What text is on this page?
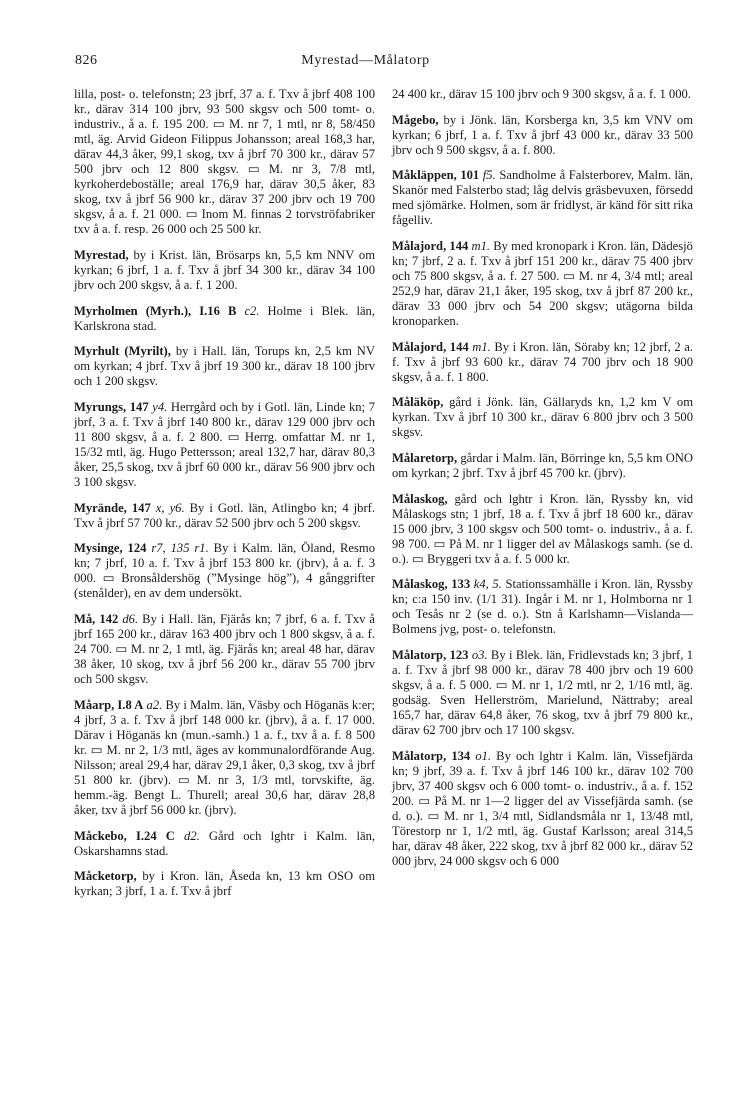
826	Myrestad—Målatorp

lilla, post- o. telefonstn; 23 jbrf, 37 a. f. Txv å jbrf 408 100 kr., därav 314 100 jbrv, 93 500 skgsv och 500 tomt- o. industriv., å a. f. 195 200. ▭ M. nr 7, 1 mtl, nr 8, 58/450 mtl, äg. Arvid Gideon Filippus Johansson; areal 168,3 har, därav 44,3 åker, 99,1 skog, txv å jbrf 70 300 kr., därav 57 500 jbrv och 12 800 skgsv. ▭ M. nr 3, 7/8 mtl, kyrkoherdeboställe; areal 176,9 har, därav 30,5 åker, 83 skog, txv å jbrf 56 900 kr., därav 37 200 jbrv och 19 700 skgsv, å a. f. 21 000. ▭ Inom M. finnas 2 torvströfabriker txv å a. f. resp. 26 000 och 25 500 kr.

Myrestad, by i Krist. län, Brösarps kn, 5,5 km NNV om kyrkan; 6 jbrf, 1 a. f. Txv å jbrf 34 300 kr., därav 34 100 jbrv och 200 skgsv, å a. f. 1 200.

Myrholmen (Myrh.), I.16 B c2. Holme i Blek. län, Karlskrona stad.

Myrhult (Myrilt), by i Hall. län, Torups kn, 2,5 km NV om kyrkan; 4 jbrf. Txv å jbrf 19 300 kr., därav 18 100 jbrv och 1 200 skgsv.

Myrungs, 147 y4. Herrgård och by i Gotl. län, Linde kn; 7 jbrf, 3 a. f. Txv å jbrf 140 800 kr., därav 129 000 jbrv och 11 800 skgsv, å a. f. 2 800. ▭ Herrg. omfattar M. nr 1, 15/32 mtl, äg. Hugo Pettersson; areal 132,7 har, därav 80,3 åker, 25,5 skog, txv å jbrf 60 000 kr., därav 56 900 jbrv och 3 100 skgsv.

Myrände, 147 x, y6. By i Gotl. län, Atlingbo kn; 4 jbrf. Txv å jbrf 57 700 kr., därav 52 500 jbrv och 5 200 skgsv.

Mysinge, 124 r7, 135 r1. By i Kalm. län, Öland, Resmo kn; 7 jbrf, 10 a. f. Txv å jbrf 153 800 kr. (jbrv), å a. f. 3 000. ▭ Bronsåldershög (”Mysinge hög”), 4 gånggrifter (stenålder), en av dem undersökt.

Må, 142 d6. By i Hall. län, Fjärås kn; 7 jbrf, 6 a. f. Txv å jbrf 165 200 kr., därav 163 400 jbrv och 1 800 skgsv, å a. f. 24 700. ▭ M. nr 2, 1 mtl, äg. Fjärås kn; areal 48 har, därav 38 åker, 10 skog, txv å jbrf 56 200 kr., därav 55 700 jbrv och 500 skgsv.

Måarp, I.8 A a2. By i Malm. län, Väsby och Höganäs k:er; 4 jbrf, 3 a. f. Txv å jbrf 148 000 kr. (jbrv), å a. f. 17 000. Därav i Höganäs kn (mun.-samh.) 1 a. f., txv å a. f. 8 500 kr. ▭ M. nr 2, 1/3 mtl, äges av kommunalordförande Aug. Nilsson; areal 29,4 har, därav 29,1 åker, 0,3 skog, txv å jbrf 51 800 kr. (jbrv). ▭ M. nr 3, 1/3 mtl, torvskifte, äg. hemm.-äg. Bengt L. Thurell; areal 30,6 har, därav 28,8 åker, txv å jbrf 56 000 kr. (jbrv).

Måckebo, I.24 C d2. Gård och lghtr i Kalm. län, Oskarshamns stad.

Måcketorp, by i Kron. län, Åseda kn, 13 km OSO om kyrkan; 3 jbrf, 1 a. f. Txv å jbrf

24 400 kr., därav 15 100 jbrv och 9 300 skgsv, å a. f. 1 000.

Mågebo, by i Jönk. län, Korsberga kn, 3,5 km VNV om kyrkan; 6 jbrf, 1 a. f. Txv å jbrf 43 000 kr., därav 33 500 jbrv och 9 500 skgsv, å a. f. 800.

Måkläppen, 101 f5. Sandholme å Falsterborev, Malm. län, Skanör med Falsterbo stad; låg delvis gräsbevuxen, försedd med sjömärke. Holmen, som är fridlyst, är känd för sitt rika fågelliv.

Målajord, 144 m1. By med kronopark i Kron. län, Dädesjö kn; 7 jbrf, 2 a. f. Txv å jbrf 151 200 kr., därav 75 400 jbrv och 75 800 skgsv, å a. f. 27 500. ▭ M. nr 4, 3/4 mtl; areal 252,9 har, därav 21,1 åker, 195 skog, txv å jbrf 87 200 kr., därav 33 000 jbrv och 54 200 skgsv; utägorna bilda kronoparken.

Målajord, 144 m1. By i Kron. län, Söraby kn; 12 jbrf, 2 a. f. Txv å jbrf 93 600 kr., därav 74 700 jbrv och 18 900 skgsv, å a. f. 1 800.

Måläköp, gård i Jönk. län, Gällaryds kn, 1,2 km V om kyrkan. Txv å jbrf 10 300 kr., därav 6 800 jbrv och 3 500 skgsv.

Målaretorp, gårdar i Malm. län, Börringe kn, 5,5 km ONO om kyrkan; 2 jbrf. Txv å jbrf 45 700 kr. (jbrv).

Målaskog, gård och lghtr i Kron. län, Ryssby kn, vid Målaskogs stn; 1 jbrf, 18 a. f. Txv å jbrf 18 600 kr., därav 15 000 jbrv, 3 100 skgsv och 500 tomt- o. industriv., å a. f. 98 700. ▭ På M. nr 1 ligger del av Målaskogs samh. (se d. o.). ▭ Bryggeri txv å a. f. 5 000 kr.

Målaskog, 133 k4, 5. Stationssamhälle i Kron. län, Ryssby kn; c:a 150 inv. (1/1 31). Ingår i M. nr 1, Holmborna nr 1 och Tesås nr 2 (se d. o.). Stn å Karlshamn—Vislanda—Bolmens jvg, post- o. telefonstn.

Målatorp, 123 o3. By i Blek. län, Fridlevstads kn; 3 jbrf, 1 a. f. Txv å jbrf 98 000 kr., därav 78 400 jbrv och 19 600 skgsv, å a. f. 5 000. ▭ M. nr 1, 1/2 mtl, nr 2, 1/16 mtl, äg. godsäg. Sven Hellerström, Marielund, Nättraby; areal 165,7 har, därav 64,8 åker, 76 skog, txv å jbrf 79 800 kr., därav 62 700 jbrv och 17 100 skgsv.

Målatorp, 134 o1. By och lghtr i Kalm. län, Vissefjärda kn; 9 jbrf, 39 a. f. Txv å jbrf 146 100 kr., därav 102 700 jbrv, 37 400 skgsv och 6 000 tomt- o. industriv., å a. f. 152 200. ▭ På M. nr 1—2 ligger del av Vissefjärda samh. (se d. o.). ▭ M. nr 1, 3/4 mtl, Sidlandsmåla nr 1, 13/48 mtl, Törestorp nr 1, 1/2 mtl, äg. Gustaf Karlsson; areal 314,5 har, därav 48 åker, 222 skog, txv å jbrf 82 000 kr., därav 52 000 jbrv, 24 000 skgsv och 6 000
